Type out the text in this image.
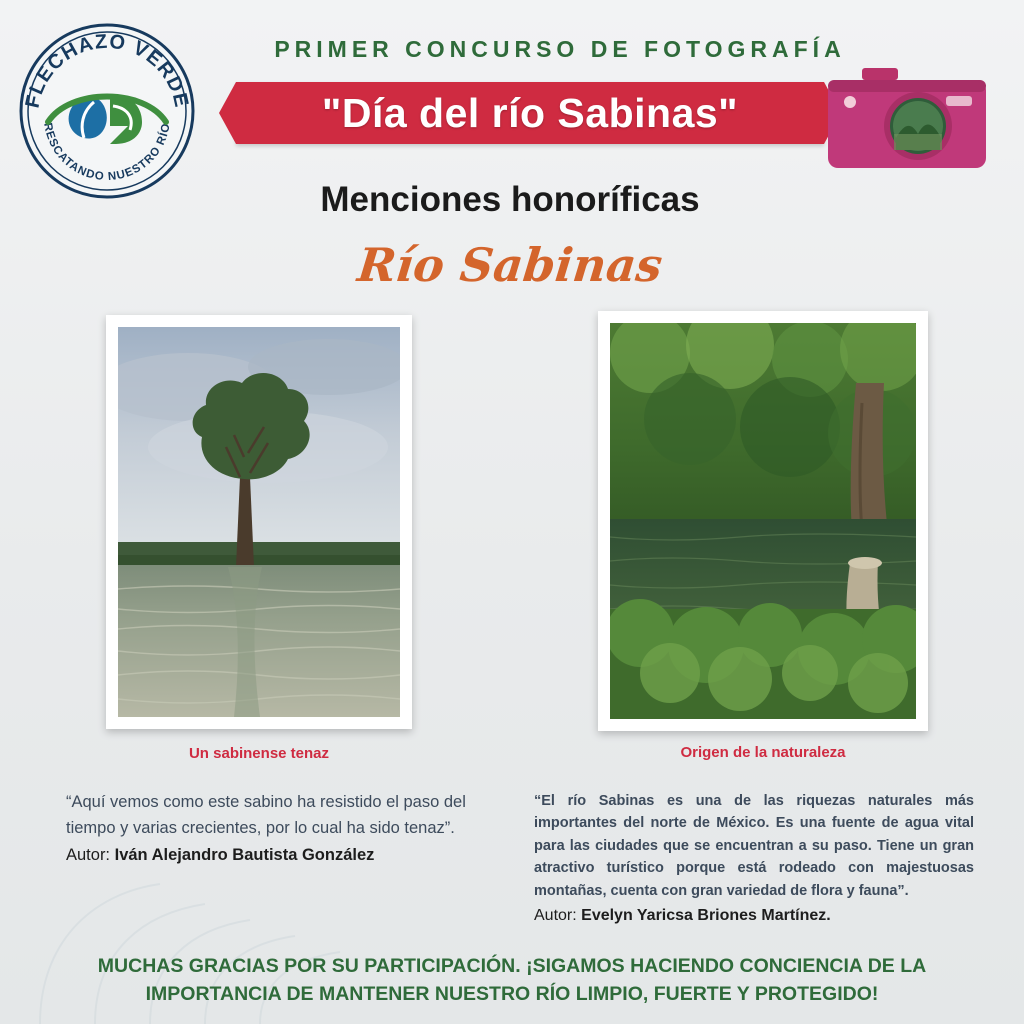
FLECHAZO VERDE
RESCATANDO NUESTRO RÍO
PRIMER CONCURSO DE FOTOGRAFÍA
"Día del río Sabinas"
Menciones honoríficas
Río Sabinas
Un sabinense tenaz	Origen de la naturaleza

“Aquí vemos como este sabino ha resistido el paso del tiempo y varias crecientes, por lo cual ha sido tenaz”.

Autor: Iván Alejandro Bautista González

“El río Sabinas es una de las riquezas naturales más importantes del norte de México. Es una fuente de agua vital para las ciudades que se encuentran a su paso. Tiene un gran atractivo turístico porque está rodeado con majestuosas montañas, cuenta con gran variedad de flora y fauna”.

Autor: Evelyn Yaricsa Briones Martínez.
MUCHAS GRACIAS POR SU PARTICIPACIÓN. ¡SIGAMOS HACIENDO CONCIENCIA DE LA
IMPORTANCIA DE MANTENER NUESTRO RÍO LIMPIO, FUERTE Y PROTEGIDO!
